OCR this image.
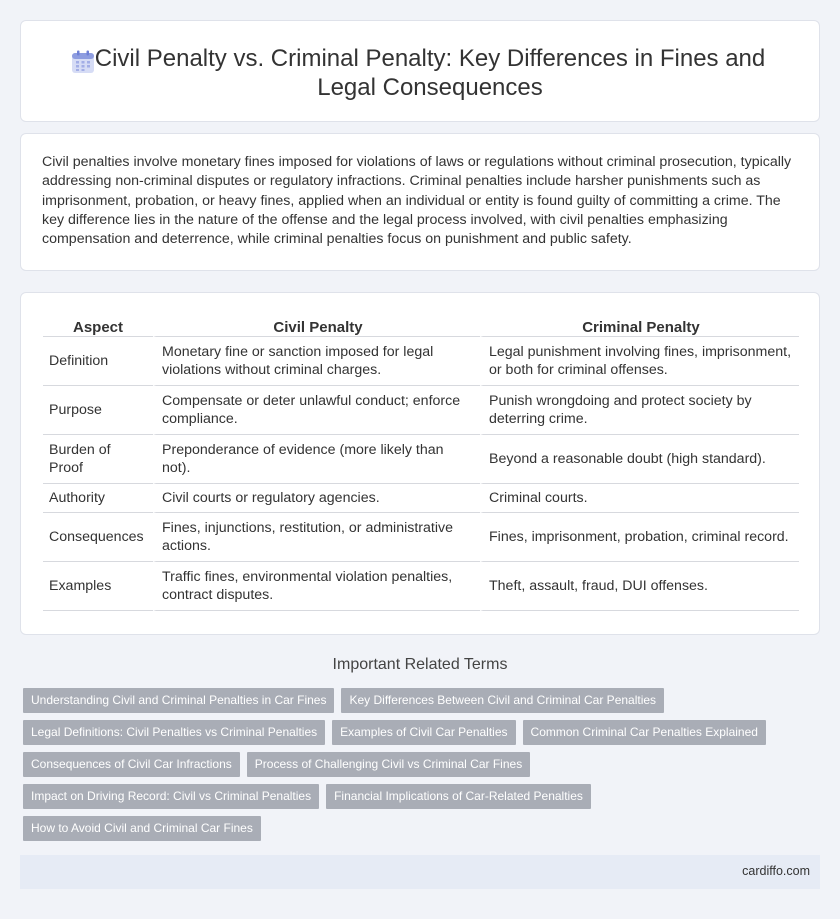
Civil Penalty vs. Criminal Penalty: Key Differences in Fines and Legal Consequences

Civil penalties involve monetary fines imposed for violations of laws or regulations without criminal prosecution, typically addressing non-criminal disputes or regulatory infractions. Criminal penalties include harsher punishments such as imprisonment, probation, or heavy fines, applied when an individual or entity is found guilty of committing a crime. The key difference lies in the nature of the offense and the legal process involved, with civil penalties emphasizing compensation and deterrence, while criminal penalties focus on punishment and public safety.

Aspect	Civil Penalty	Criminal Penalty
Definition	Monetary fine or sanction imposed for legal violations without criminal charges.	Legal punishment involving fines, imprisonment, or both for criminal offenses.
Purpose	Compensate or deter unlawful conduct; enforce compliance.	Punish wrongdoing and protect society by deterring crime.
Burden of Proof	Preponderance of evidence (more likely than not).	Beyond a reasonable doubt (high standard).
Authority	Civil courts or regulatory agencies.	Criminal courts.
Consequences	Fines, injunctions, restitution, or administrative actions.	Fines, imprisonment, probation, criminal record.
Examples	Traffic fines, environmental violation penalties, contract disputes.	Theft, assault, fraud, DUI offenses.
Important Related Terms
Understanding Civil and Criminal Penalties in Car Fines	Key Differences Between Civil and Criminal Car Penalties
Legal Definitions: Civil Penalties vs Criminal Penalties	Examples of Civil Car Penalties	Common Criminal Car Penalties Explained
Consequences of Civil Car Infractions	Process of Challenging Civil vs Criminal Car Fines
Impact on Driving Record: Civil vs Criminal Penalties	Financial Implications of Car-Related Penalties
How to Avoid Civil and Criminal Car Fines
cardiffo.com
